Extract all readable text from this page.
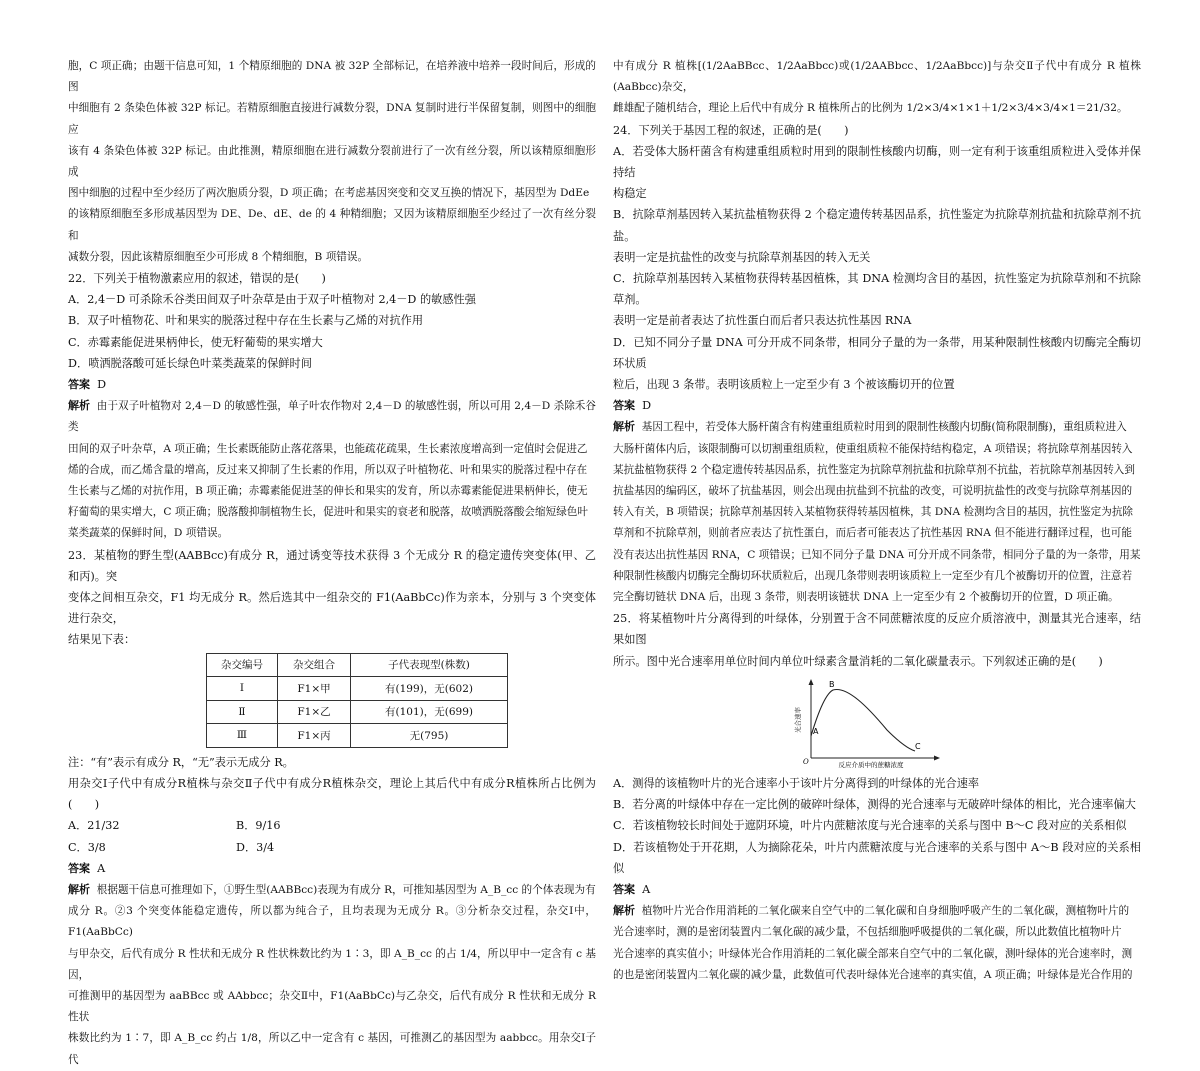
胞，C 项正确；由题干信息可知，1 个精原细胞的 DNA 被 32P 全部标记，在培养液中培养一段时间后，形成的图

中细胞有 2 条染色体被 32P 标记。若精原细胞直接进行减数分裂，DNA 复制时进行半保留复制，则图中的细胞应

该有 4 条染色体被 32P 标记。由此推测，精原细胞在进行减数分裂前进行了一次有丝分裂，所以该精原细胞形成

图中细胞的过程中至少经历了两次胞质分裂，D 项正确；在考虑基因突变和交叉互换的情况下，基因型为 DdEe

的该精原细胞至多形成基因型为 DE、De、dE、de 的 4 种精细胞；又因为该精原细胞至少经过了一次有丝分裂和

减数分裂，因此该精原细胞至少可形成 8 个精细胞，B 项错误。

22．下列关于植物激素应用的叙述，错误的是(　　)

A．2,4－D 可杀除禾谷类田间双子叶杂草是由于双子叶植物对 2,4－D 的敏感性强

B．双子叶植物花、叶和果实的脱落过程中存在生长素与乙烯的对抗作用

C．赤霉素能促进果柄伸长，使无籽葡萄的果实增大

D．喷洒脱落酸可延长绿色叶菜类蔬菜的保鲜时间

答案 D

解析 由于双子叶植物对 2,4－D 的敏感性强，单子叶农作物对 2,4－D 的敏感性弱，所以可用 2,4－D 杀除禾谷类

田间的双子叶杂草，A 项正确；生长素既能防止落花落果，也能疏花疏果，生长素浓度增高到一定值时会促进乙

烯的合成，而乙烯含量的增高，反过来又抑制了生长素的作用，所以双子叶植物花、叶和果实的脱落过程中存在

生长素与乙烯的对抗作用，B 项正确；赤霉素能促进茎的伸长和果实的发育，所以赤霉素能促进果柄伸长，使无

籽葡萄的果实增大，C 项正确；脱落酸抑制植物生长，促进叶和果实的衰老和脱落，故喷洒脱落酸会缩短绿色叶

菜类蔬菜的保鲜时间，D 项错误。

23．某植物的野生型(AABBcc)有成分 R，通过诱变等技术获得 3 个无成分 R 的稳定遗传突变体(甲、乙和丙)。突

变体之间相互杂交，F1 均无成分 R。然后选其中一组杂交的 F1(AaBbCc)作为亲本，分别与 3 个突变体进行杂交，

结果见下表：

杂交编号	杂交组合	子代表现型(株数)
Ⅰ	F1×甲	有(199)，无(602)
Ⅱ	F1×乙	有(101)，无(699)
Ⅲ	F1×丙	无(795)

注：“有”表示有成分 R，“无”表示无成分 R。

用杂交Ⅰ子代中有成分R植株与杂交Ⅱ子代中有成分R植株杂交，理论上其后代中有成分R植株所占比例为(　　)

A．21/32	B．9/16
C．3/8	D．3/4

答案 A

解析 根据题干信息可推理如下，①野生型(AABBcc)表现为有成分 R，可推知基因型为 A_B_cc 的个体表现为有

成分 R。②3 个突变体能稳定遗传，所以都为纯合子，且均表现为无成分 R。③分析杂交过程，杂交Ⅰ中，F1(AaBbCc)

与甲杂交，后代有成分 R 性状和无成分 R 性状株数比约为 1∶3，即 A_B_cc 的占 1/4，所以甲中一定含有 c 基因，

可推测甲的基因型为 aaBBcc 或 AAbbcc；杂交Ⅱ中，F1(AaBbCc)与乙杂交，后代有成分 R 性状和无成分 R 性状

株数比约为 1∶7，即 A_B_cc 约占 1/8，所以乙中一定含有 c 基因，可推测乙的基因型为 aabbcc。用杂交Ⅰ子代

中有成分 R 植株[(1/2AaBBcc、1/2AaBbcc)或(1/2AABbcc、1/2AaBbcc)]与杂交Ⅱ子代中有成分 R 植株(AaBbcc)杂交，

雌雄配子随机结合，理论上后代中有成分 R 植株所占的比例为 1/2×3/4×1×1＋1/2×3/4×3/4×1＝21/32。

24．下列关于基因工程的叙述，正确的是(　　)

A．若受体大肠杆菌含有构建重组质粒时用到的限制性核酸内切酶，则一定有利于该重组质粒进入受体并保持结

构稳定

B．抗除草剂基因转入某抗盐植物获得 2 个稳定遗传转基因品系，抗性鉴定为抗除草剂抗盐和抗除草剂不抗盐。

表明一定是抗盐性的改变与抗除草剂基因的转入无关

C．抗除草剂基因转入某植物获得转基因植株，其 DNA 检测均含目的基因，抗性鉴定为抗除草剂和不抗除草剂。

表明一定是前者表达了抗性蛋白而后者只表达抗性基因 RNA

D．已知不同分子量 DNA 可分开成不同条带，相同分子量的为一条带，用某种限制性核酸内切酶完全酶切环状质

粒后，出现 3 条带。表明该质粒上一定至少有 3 个被该酶切开的位置

答案 D

解析 基因工程中，若受体大肠杆菌含有构建重组质粒时用到的限制性核酸内切酶(简称限制酶)，重组质粒进入

大肠杆菌体内后，该限制酶可以切割重组质粒，使重组质粒不能保持结构稳定，A 项错误；将抗除草剂基因转入

某抗盐植物获得 2 个稳定遗传转基因品系，抗性鉴定为抗除草剂抗盐和抗除草剂不抗盐，若抗除草剂基因转入到

抗盐基因的编码区，破坏了抗盐基因，则会出现由抗盐到不抗盐的改变，可说明抗盐性的改变与抗除草剂基因的

转入有关，B 项错误；抗除草剂基因转入某植物获得转基因植株，其 DNA 检测均含目的基因，抗性鉴定为抗除

草剂和不抗除草剂，则前者应表达了抗性蛋白，而后者可能表达了抗性基因 RNA 但不能进行翻译过程，也可能

没有表达出抗性基因 RNA，C 项错误；已知不同分子量 DNA 可分开成不同条带，相同分子量的为一条带，用某

种限制性核酸内切酶完全酶切环状质粒后，出现几条带则表明该质粒上一定至少有几个被酶切开的位置，注意若

完全酶切链状 DNA 后，出现 3 条带，则表明该链状 DNA 上一定至少有 2 个被酶切开的位置，D 项正确。

25．将某植物叶片分离得到的叶绿体，分别置于含不同蔗糖浓度的反应介质溶液中，测量其光合速率，结果如图

所示。图中光合速率用单位时间内单位叶绿素含量消耗的二氧化碳量表示。下列叙述正确的是(　　)

光合速率
O	反应介质中的蔗糖浓度
A
B
C

A．测得的该植物叶片的光合速率小于该叶片分离得到的叶绿体的光合速率

B．若分离的叶绿体中存在一定比例的破碎叶绿体，测得的光合速率与无破碎叶绿体的相比，光合速率偏大

C．若该植物较长时间处于遮阴环境，叶片内蔗糖浓度与光合速率的关系与图中 B～C 段对应的关系相似

D．若该植物处于开花期，人为摘除花朵，叶片内蔗糖浓度与光合速率的关系与图中 A～B 段对应的关系相似

答案 A

解析 植物叶片光合作用消耗的二氧化碳来自空气中的二氧化碳和自身细胞呼吸产生的二氧化碳，测植物叶片的

光合速率时，测的是密闭装置内二氧化碳的减少量，不包括细胞呼吸提供的二氧化碳，所以此数值比植物叶片

光合速率的真实值小；叶绿体光合作用消耗的二氧化碳全部来自空气中的二氧化碳，测叶绿体的光合速率时，测

的也是密闭装置内二氧化碳的减少量，此数值可代表叶绿体光合速率的真实值，A 项正确；叶绿体是光合作用的
